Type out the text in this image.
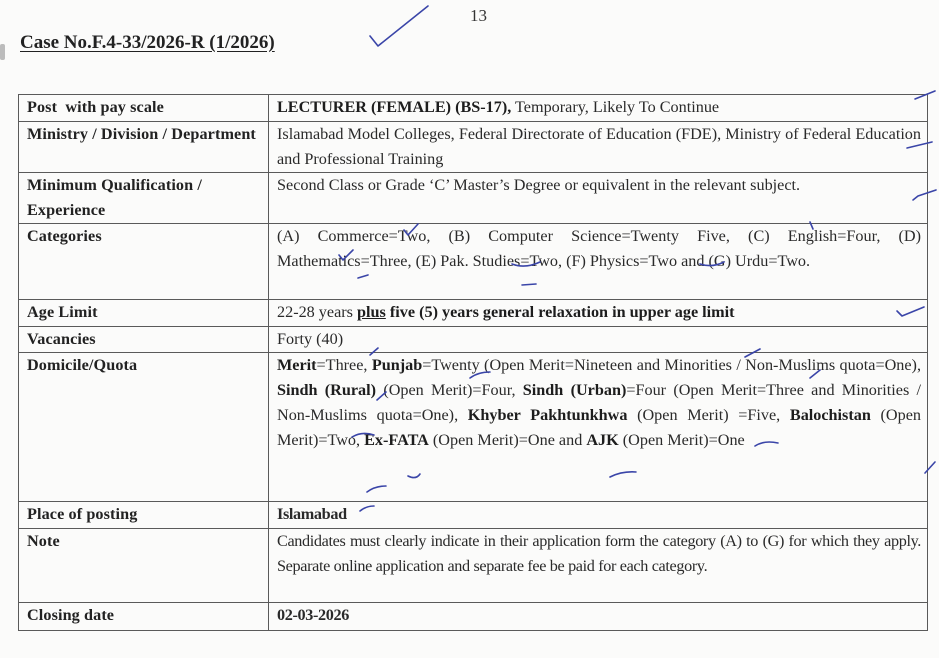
13
Case No.F.4-33/2026-R (1/2026)
Post  with pay scale	LECTURER (FEMALE) (BS-17), Temporary, Likely To Continue
Ministry / Division / Department	Islamabad Model Colleges, Federal Directorate of Education (FDE), Ministry of Federal Education and Professional Training
Minimum Qualification / Experience	Second Class or Grade ‘C’ Master’s Degree or equivalent in the relevant subject.
Categories	(A) Commerce=Two, (B) Computer Science=Twenty Five, (C) English=Four, (D) Mathematics=Three, (E) Pak. Studies=Two, (F) Physics=Two and (G) Urdu=Two.
Age Limit	22-28 years plus five (5) years general relaxation in upper age limit
Vacancies	Forty (40)
Domicile/Quota	Merit=Three, Punjab=Twenty (Open Merit=Nineteen and Minorities / Non-Muslims quota=One), Sindh (Rural) (Open Merit)=Four, Sindh (Urban)=Four (Open Merit=Three and Minorities / Non-Muslims quota=One), Khyber Pakhtunkhwa (Open Merit) =Five, Balochistan (Open Merit)=Two, Ex-FATA (Open Merit)=One and AJK (Open Merit)=One
Place of posting	Islamabad
Note	Candidates must clearly indicate in their application form the category (A) to (G) for which they apply. Separate online application and separate fee be paid for each category.
Closing date	02-03-2026
